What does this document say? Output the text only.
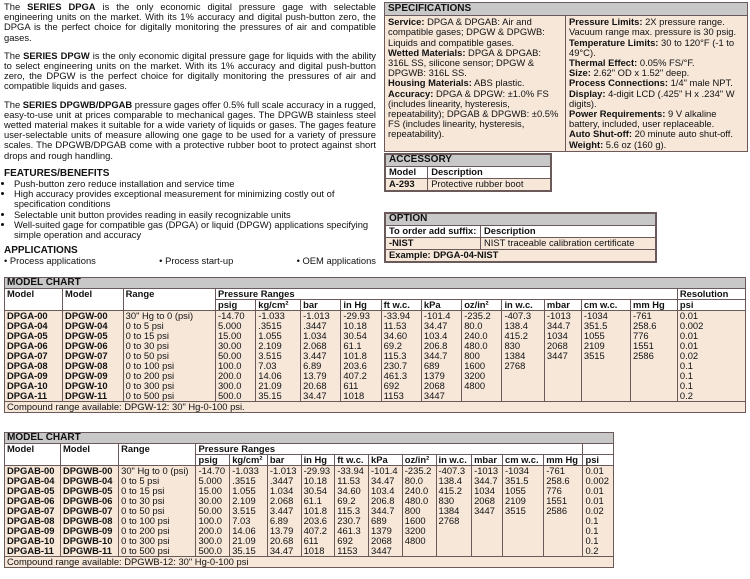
The SERIES DPGA is the only economic digital pressure gage with selectable engineering units on the market. With its 1% accuracy and digital push-button zero, the DPGA is the perfect choice for digitally monitoring the pressures of air and compatible gases.

The SERIES DPGW is the only economic digital pressure gage for liquids with the ability to select engineering units on the market. With its 1% accuracy and digital push-button zero, the DPGW is the perfect choice for digitally monitoring the pressures of air and compatible liquids and gases.

The SERIES DPGWB/DPGAB pressure gages offer 0.5% full scale accuracy in a rugged, easy-to-use unit at prices comparable to mechanical gages. The DPGWB stainless steel wetted material makes it suitable for a wide variety of liquids or gases. The gages feature user-selectable units of measure allowing one gage to be used for a variety of pressure scales. The DPGWB/DPGAB come with a protective rubber boot to protect against short drops and rough handling.

FEATURES/BENEFITS
• Push-button zero reduce installation and service time
• High accuracy provides exceptional measurement for minimizing costly out of specification conditions
• Selectable unit button provides reading in easily recognizable units
• Well-suited gage for compatible gas (DPGA) or liquid (DPGW) applications specifying simple operation and accuracy
APPLICATIONS
• Process applications	• Process start-up	• OEM applications
SPECIFICATIONS
Service: DPGA & DPGAB: Air and compatible gases; DPGW & DPGWB: Liquids and compatible gases.
Wetted Materials: DPGA & DPGAB: 316L SS, silicone sensor; DPGW & DPGWB: 316L SS.
Housing Materials: ABS plastic.
Accuracy: DPGA & DPGW: ±1.0% FS (includes linearity, hysteresis, repeatability); DPGAB & DPGWB: ±0.5% FS (includes linearity, hysteresis, repeatability).
Pressure Limits: 2X pressure range. Vacuum range max. pressure is 30 psig.
Temperature Limits: 30 to 120°F (-1 to 49°C).
Thermal Effect: 0.05% FS/°F.
Size: 2.62" OD x 1.52" deep.
Process Connections: 1/4" male NPT.
Display: 4-digit LCD (.425" H x .234" W digits).
Power Requirements: 9 V alkaline battery, included, user replaceable.
Auto Shut-off: 20 minute auto shut-off.
Weight: 5.6 oz (160 g).
ACCESSORY	
Model	Description
A-293	Protective rubber boot
OPTION	
To order add suffix:	Description
-NIST	NIST traceable calibration certificate
Example: DPGA-04-NIST	
MODEL CHART														
Model	Model	Range	Pressure Ranges											Resolution
			psig	kg/cm²	bar	in Hg	ft w.c.	kPa	oz/in²	in w.c.	mbar	cm w.c.	mm Hg	psi
DPGA-00	DPGW-00	30" Hg to 0 (psi)	-14.70	-1.033	-1.013	-29.93	-33.94	-101.4	-235.2	-407.3	-1013	-1034	-761	0.01
DPGA-04	DPGW-04	0 to 5 psi	5.000	.3515	.3447	10.18	11.53	34.47	80.0	138.4	344.7	351.5	258.6	0.002
DPGA-05	DPGW-05	0 to 15 psi	15.00	1.055	1.034	30.54	34.60	103.4	240.0	415.2	1034	1055	776	0.01
DPGA-06	DPGW-06	0 to 30 psi	30.00	2.109	2.068	61.1	69.2	206.8	480.0	830	2068	2109	1551	0.01
DPGA-07	DPGW-07	0 to 50 psi	50.00	3.515	3.447	101.8	115.3	344.7	800	1384	3447	3515	2586	0.02
DPGA-08	DPGW-08	0 to 100 psi	100.0	7.03	6.89	203.6	230.7	689	1600	2768				0.1
DPGA-09	DPGW-09	0 to 200 psi	200.0	14.06	13.79	407.2	461.3	1379	3200					0.1
DPGA-10	DPGW-10	0 to 300 psi	300.0	21.09	20.68	611	692	2068	4800					0.1
DPGA-11	DPGW-11	0 to 500 psi	500.0	35.15	34.47	1018	1153	3447						0.2
Compound range available: DPGW-12: 30" Hg-0-100 psi.														
MODEL CHART														
Model	Model	Range	Pressure Ranges											
			psig	kg/cm²	bar	in Hg	ft w.c.	kPa	oz/in²	in w.c.	mbar	cm w.c.	mm Hg	psi
DPGAB-00	DPGWB-00	30" Hg to 0 (psi)	-14.70	-1.033	-1.013	-29.93	-33.94	-101.4	-235.2	-407.3	-1013	-1034	-761	0.01
DPGAB-04	DPGWB-04	0 to 5 psi	5.000	.3515	.3447	10.18	11.53	34.47	80.0	138.4	344.7	351.5	258.6	0.002
DPGAB-05	DPGWB-05	0 to 15 psi	15.00	1.055	1.034	30.54	34.60	103.4	240.0	415.2	1034	1055	776	0.01
DPGAB-06	DPGWB-06	0 to 30 psi	30.00	2.109	2.068	61.1	69.2	206.8	480.0	830	2068	2109	1551	0.01
DPGAB-07	DPGWB-07	0 to 50 psi	50.00	3.515	3.447	101.8	115.3	344.7	800	1384	3447	3515	2586	0.02
DPGAB-08	DPGWB-08	0 to 100 psi	100.0	7.03	6.89	203.6	230.7	689	1600	2768				0.1
DPGAB-09	DPGWB-09	0 to 200 psi	200.0	14.06	13.79	407.2	461.3	1379	3200					0.1
DPGAB-10	DPGWB-10	0 to 300 psi	300.0	21.09	20.68	611	692	2068	4800					0.1
DPGAB-11	DPGWB-11	0 to 500 psi	500.0	35.15	34.47	1018	1153	3447						0.2
Compound range available: DPGWB-12: 30" Hg-0-100 psi														
